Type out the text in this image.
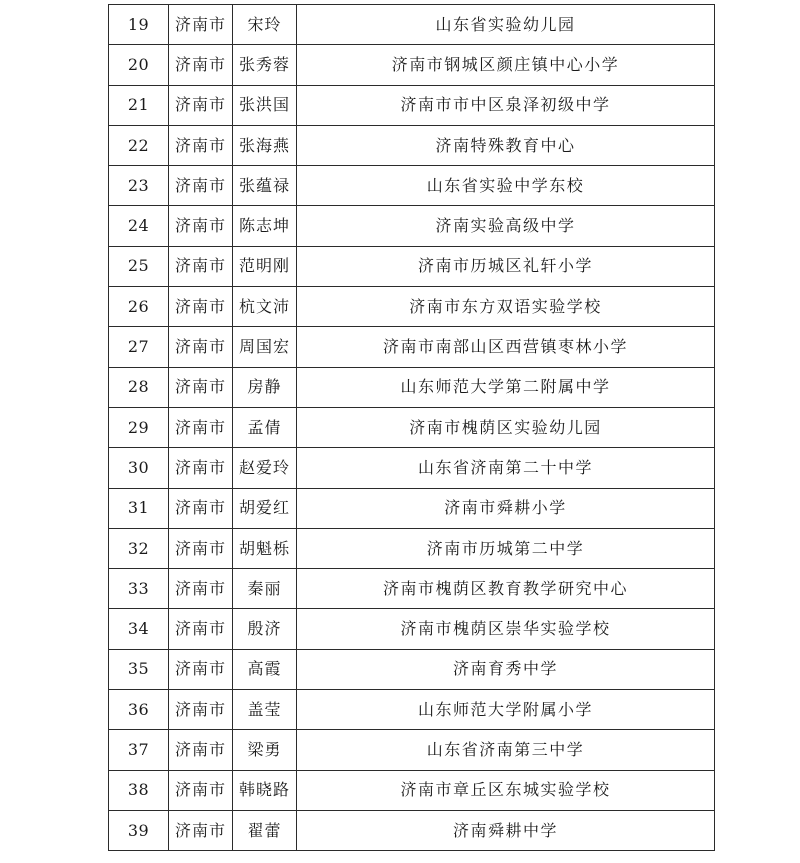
19	济南市	宋玲	山东省实验幼儿园
20	济南市	张秀蓉	济南市钢城区颜庄镇中心小学
21	济南市	张洪国	济南市市中区泉泽初级中学
22	济南市	张海燕	济南特殊教育中心
23	济南市	张蕴禄	山东省实验中学东校
24	济南市	陈志坤	济南实验高级中学
25	济南市	范明刚	济南市历城区礼轩小学
26	济南市	杭文沛	济南市东方双语实验学校
27	济南市	周国宏	济南市南部山区西营镇枣林小学
28	济南市	房静	山东师范大学第二附属中学
29	济南市	孟倩	济南市槐荫区实验幼儿园
30	济南市	赵爱玲	山东省济南第二十中学
31	济南市	胡爱红	济南市舜耕小学
32	济南市	胡魁栎	济南市历城第二中学
33	济南市	秦丽	济南市槐荫区教育教学研究中心
34	济南市	殷济	济南市槐荫区崇华实验学校
35	济南市	高霞	济南育秀中学
36	济南市	盖莹	山东师范大学附属小学
37	济南市	梁勇	山东省济南第三中学
38	济南市	韩晓路	济南市章丘区东城实验学校
39	济南市	翟蕾	济南舜耕中学
